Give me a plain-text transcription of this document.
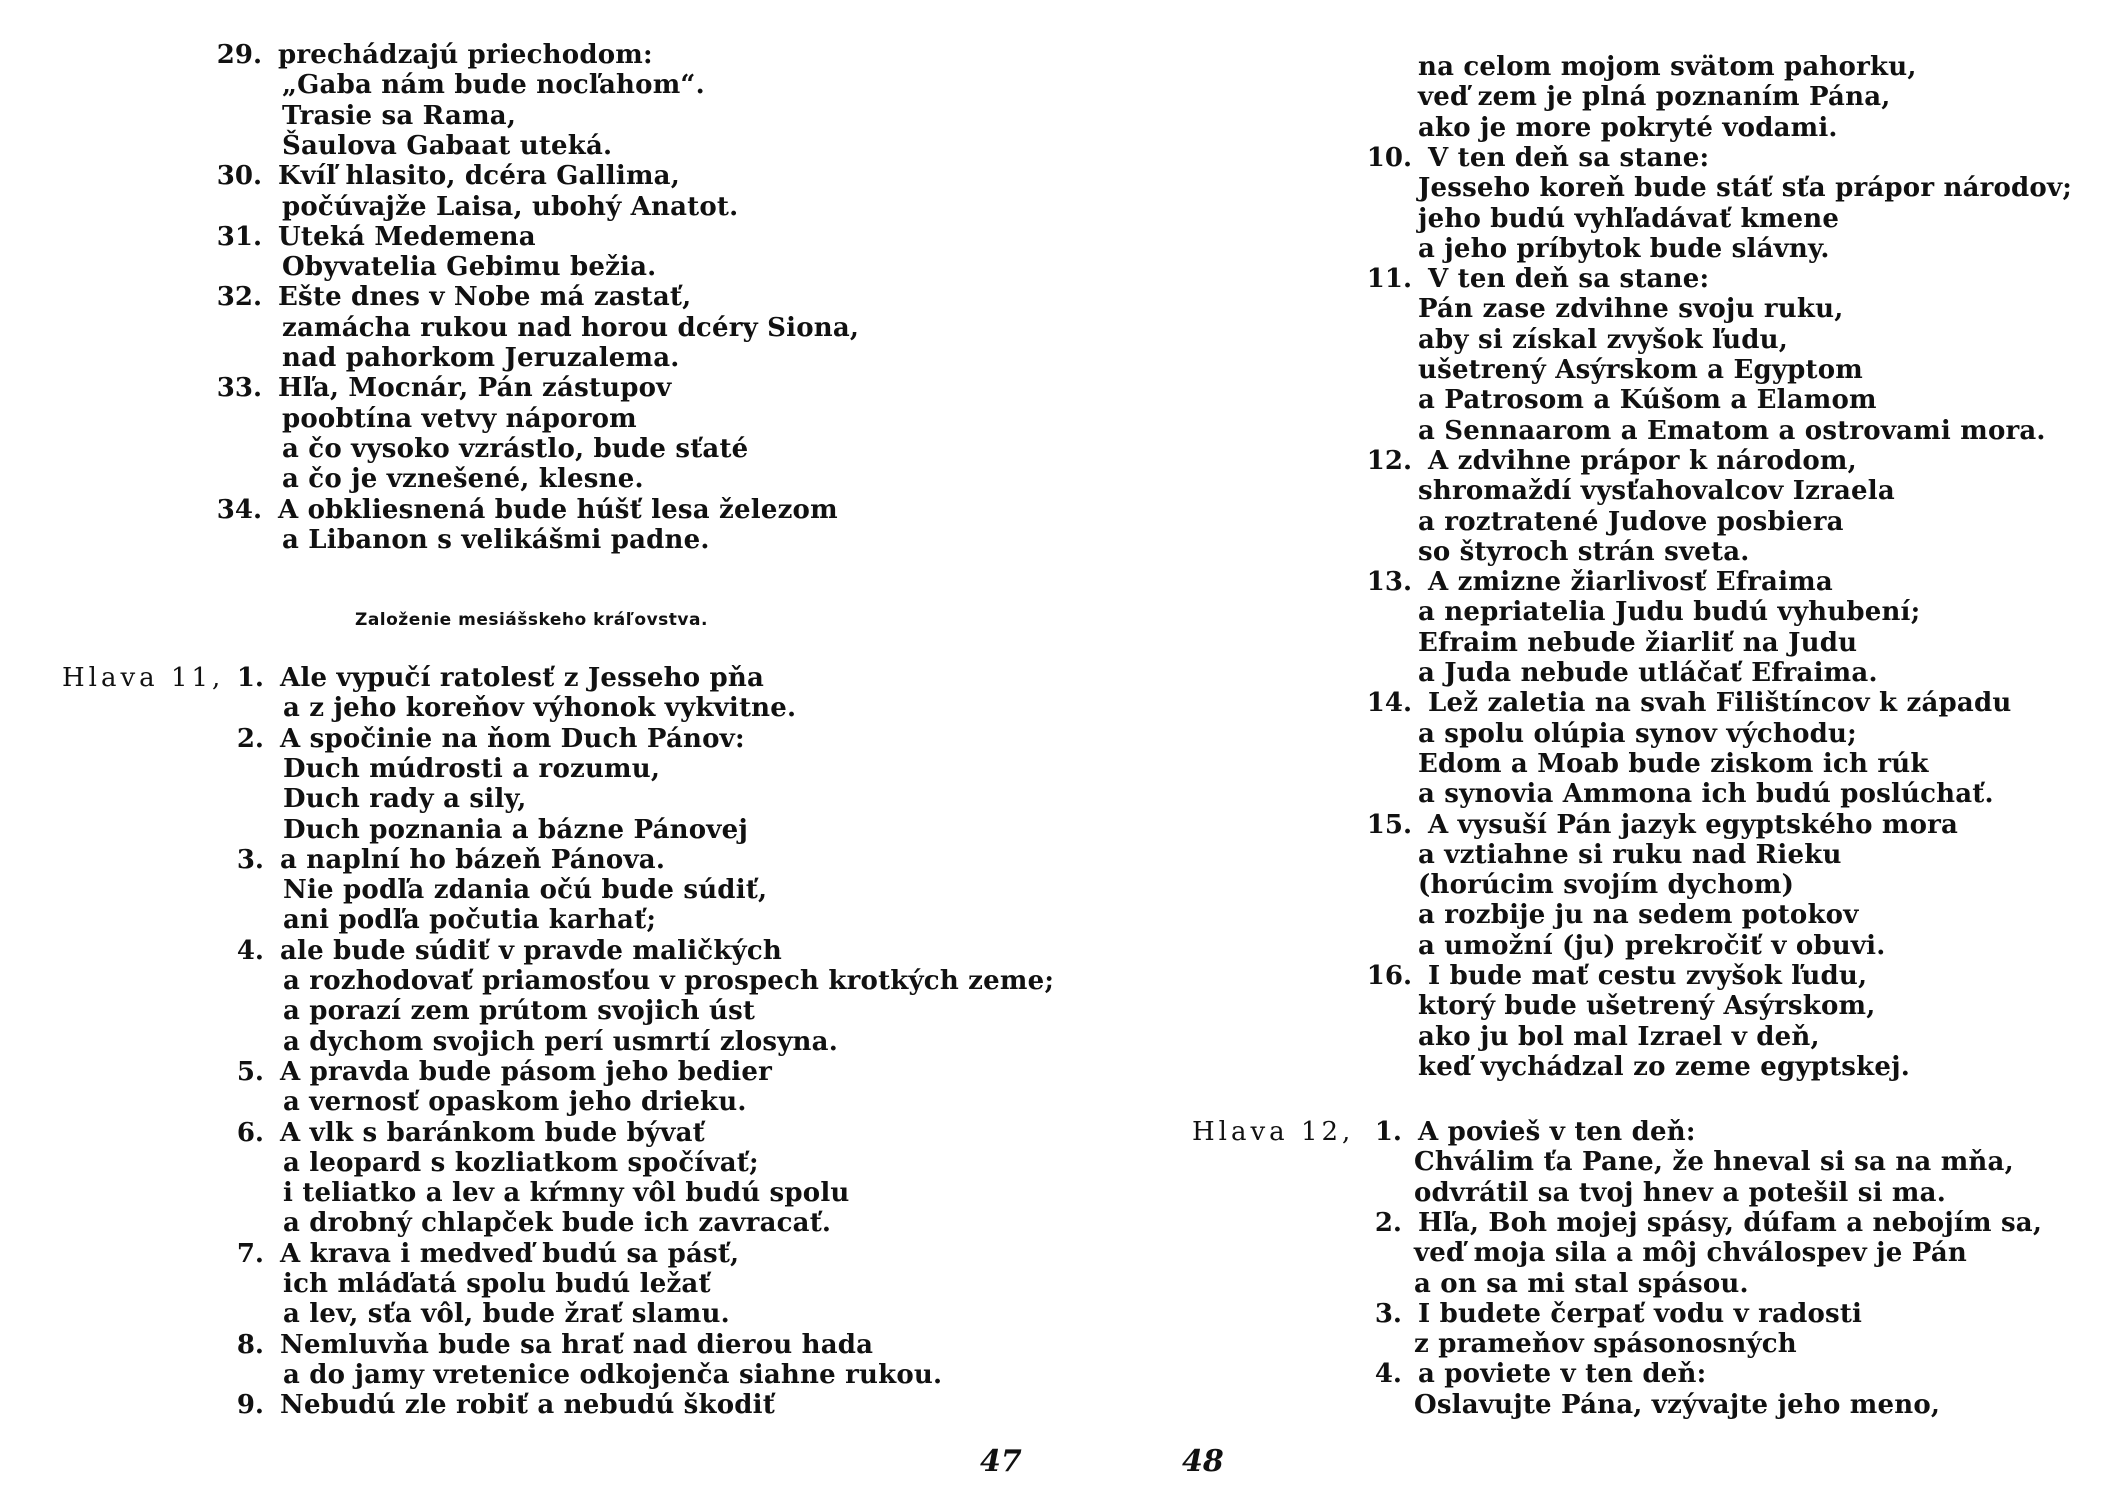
29. prechádzajú priechodom:
„Gaba nám bude nocľahom“.
Trasie sa Rama,
Šaulova Gabaat uteká.
30. Kvíľ hlasito, dcéra Gallima,
počúvajže Laisa, ubohý Anatot.
31. Uteká Medemena
Obyvatelia Gebimu bežia.
32. Ešte dnes v Nobe má zastať,
zamácha rukou nad horou dcéry Siona,
nad pahorkom Jeruzalema.
33. Hľa, Mocnár, Pán zástupov
poobtína vetvy náporom
a čo vysoko vzrástlo, bude sťaté
a čo je vznešené, klesne.
34. A obkliesnená bude húšť lesa železom
a Libanon s velikášmi padne.
Založenie mesiášskeho kráľovstva.
Hlava 11, 1. Ale vypučí ratolesť z Jesseho pňa
a z jeho koreňov výhonok vykvitne.
2. A spočinie na ňom Duch Pánov:
Duch múdrosti a rozumu,
Duch rady a sily,
Duch poznania a bázne Pánovej
3. a naplní ho bázeň Pánova.
Nie podľa zdania očú bude súdiť,
ani podľa počutia karhať;
4. ale bude súdiť v pravde maličkých
a rozhodovať priamosťou v prospech krotkých zeme;
a porazí zem prútom svojich úst
a dychom svojich perí usmrtí zlosyna.
5. A pravda bude pásom jeho bedier
a vernosť opaskom jeho drieku.
6. A vlk s baránkom bude bývať
a leopard s kozliatkom spočívať;
i teliatko a lev a kŕmny vôl budú spolu
a drobný chlapček bude ich zavracať.
7. A krava i medveď budú sa pásť,
ich mláďatá spolu budú ležať
a lev, sťa vôl, bude žrať slamu.
8. Nemluvňa bude sa hrať nad dierou hada
a do jamy vretenice odkojenča siahne rukou.
9. Nebudú zle robiť a nebudú škodiť
47
na celom mojom svätom pahorku,
veď zem je plná poznaním Pána,
ako je more pokryté vodami.
10. V ten deň sa stane:
Jesseho koreň bude stáť sťa prápor národov;
jeho budú vyhľadávať kmene
a jeho príbytok bude slávny.
11. V ten deň sa stane:
Pán zase zdvihne svoju ruku,
aby si získal zvyšok ľudu,
ušetrený Asýrskom a Egyptom
a Patrosom a Kúšom a Elamom
a Sennaarom a Ematom a ostrovami mora.
12. A zdvihne prápor k národom,
shromaždí vysťahovalcov Izraela
a roztratené Judove posbiera
so štyroch strán sveta.
13. A zmizne žiarlivosť Efraima
a nepriatelia Judu budú vyhubení;
Efraim nebude žiarliť na Judu
a Juda nebude utláčať Efraima.
14. Lež zaletia na svah Filištíncov k západu
a spolu olúpia synov východu;
Edom a Moab bude ziskom ich rúk
a synovia Ammona ich budú poslúchať.
15. A vysuší Pán jazyk egyptského mora
a vztiahne si ruku nad Rieku
(horúcim svojím dychom)
a rozbije ju na sedem potokov
a umožní (ju) prekročiť v obuvi.
16. I bude mať cestu zvyšok ľudu,
ktorý bude ušetrený Asýrskom,
ako ju bol mal Izrael v deň,
keď vychádzal zo zeme egyptskej.
Hlava 12, 1. A povieš v ten deň:
Chválim ťa Pane, že hneval si sa na mňa,
odvrátil sa tvoj hnev a potešil si ma.
2. Hľa, Boh mojej spásy, dúfam a nebojím sa,
veď moja sila a môj chválospev je Pán
a on sa mi stal spásou.
3. I budete čerpať vodu v radosti
z prameňov spásonosných
4. a poviete v ten deň:
Oslavujte Pána, vzývajte jeho meno,
48
